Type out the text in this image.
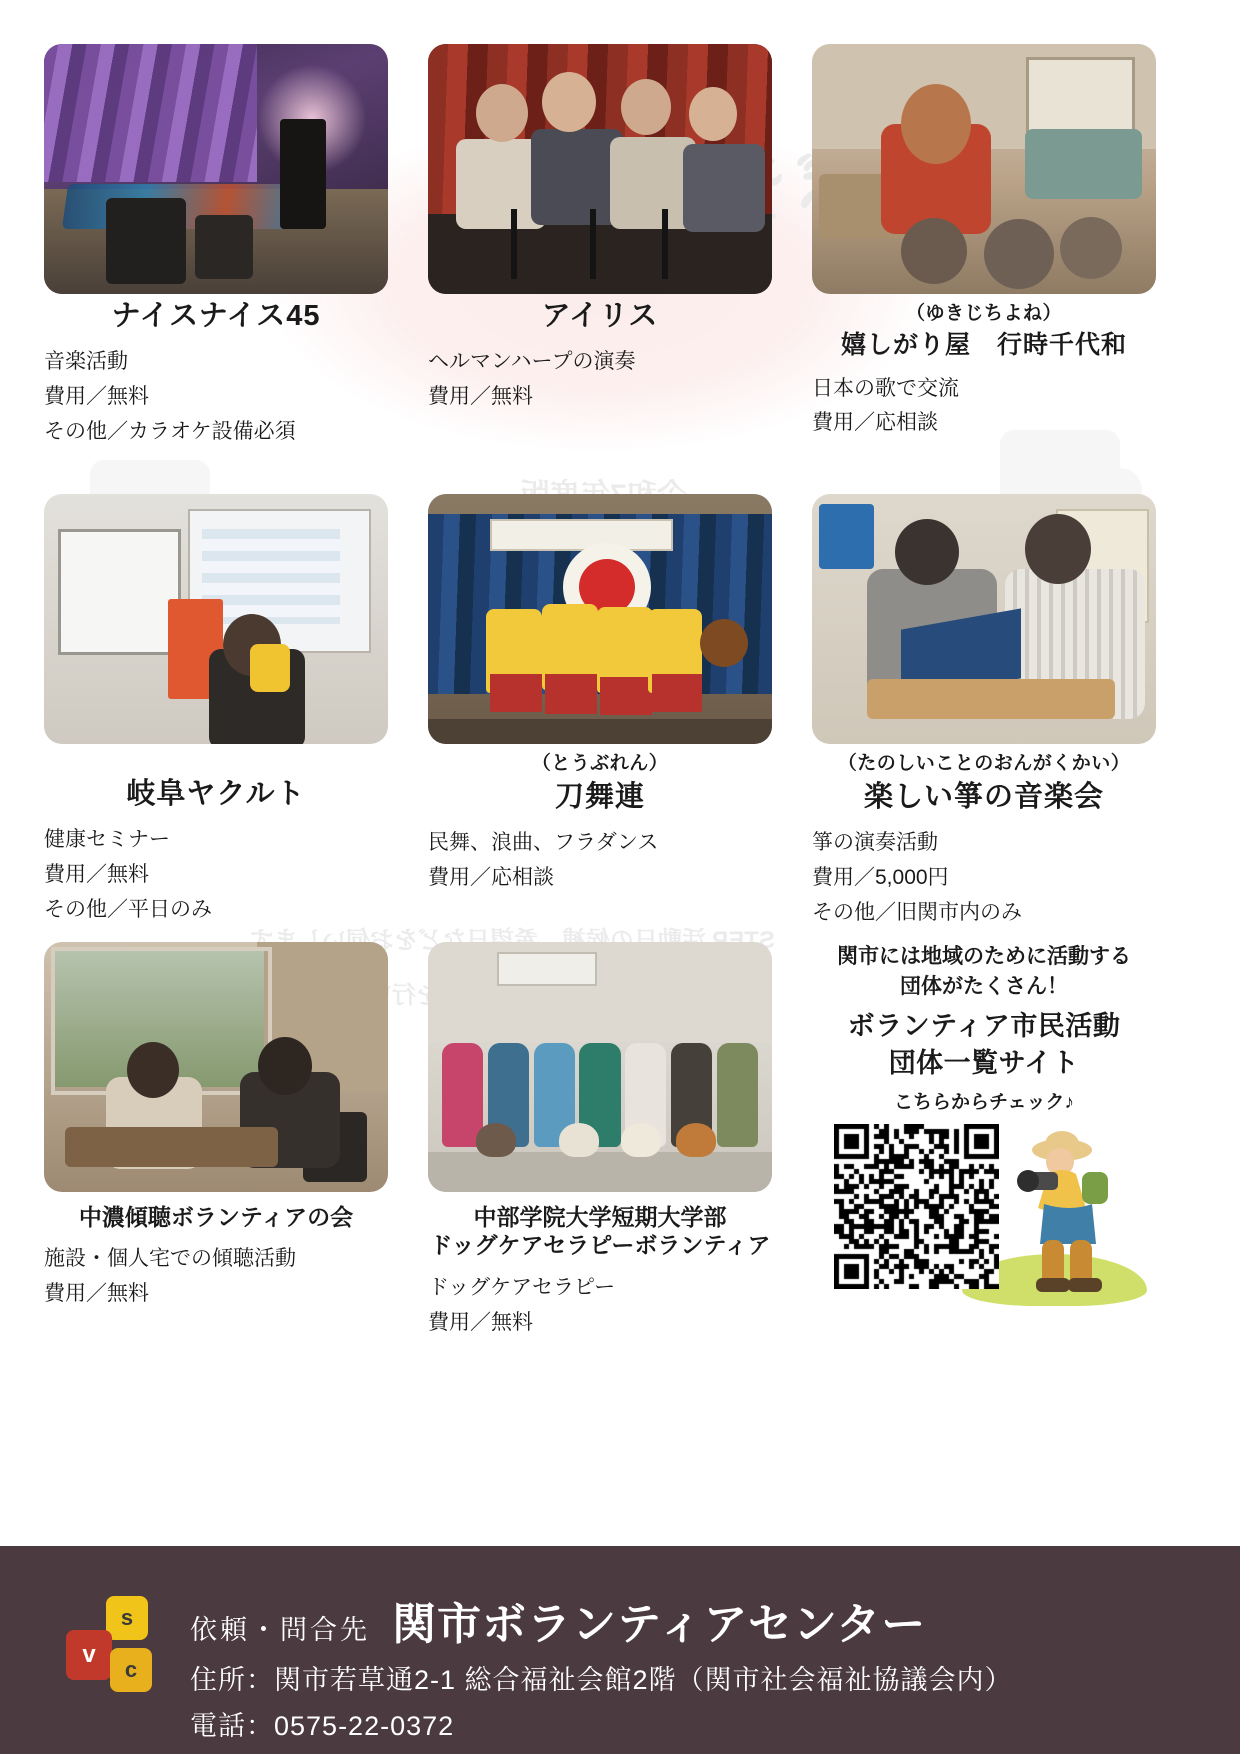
STEP 活動日の候補、希望日などをお伺いします
ナイスナイス45
音楽活動
費用／無料
その他／カラオケ設備必須
アイリス
ヘルマンハープの演奏
費用／無料
（ゆきじちよね）
嬉しがり屋　行時千代和
日本の歌で交流
費用／応相談
岐阜ヤクルト
健康セミナー
費用／無料
その他／平日のみ
（とうぶれん）
刀舞連
民舞、浪曲、フラダンス
費用／応相談
（たのしいことのおんがくかい）
楽しい箏の音楽会
箏の演奏活動
費用／5,000円
その他／旧関市内のみ
中濃傾聴ボランティアの会
施設・個人宅での傾聴活動
費用／無料
中部学院大学短期大学部
ドッグケアセラピーボランティア
ドッグケアセラピー
費用／無料
関市には地域のために活動する
団体がたくさん！
ボランティア市民活動
団体一覧サイト
こちらからチェック♪
s
v
c
依頼・問合先 関市ボランティアセンター
住所：関市若草通2-1 総合福祉会館2階（関市社会福祉協議会内）
電話：0575-22-0372
